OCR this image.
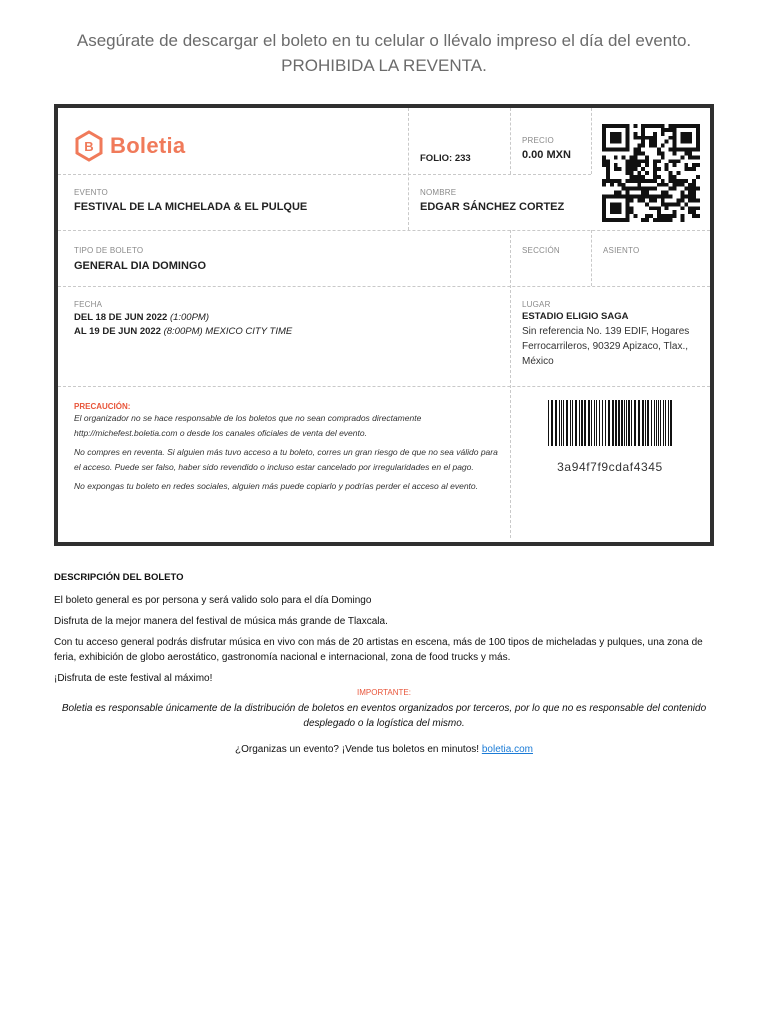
Asegúrate de descargar el boleto en tu celular o llévalo impreso el día del evento.
PROHIBIDA LA REVENTA.
B Boletia
FOLIO: 233
PRECIO
0.00 MXN
EVENTO
FESTIVAL DE LA MICHELADA & EL PULQUE
NOMBRE
EDGAR SÁNCHEZ CORTEZ
TIPO DE BOLETO
GENERAL DIA DOMINGO
SECCIÓN	ASIENTO
FECHA
DEL 18 DE JUN 2022 (1:00PM)
AL 19 DE JUN 2022 (8:00PM) MEXICO CITY TIME
LUGAR
ESTADIO ELIGIO SAGA
Sin referencia No. 139 EDIF, Hogares Ferrocarrileros, 90329 Apizaco, Tlax., México
PRECAUCIÓN:

El organizador no se hace responsable de los boletos que no sean comprados directamente http://michefest.boletia.com o desde los canales oficiales de venta del evento.

No compres en reventa. Si alguien más tuvo acceso a tu boleto, corres un gran riesgo de que no sea válido para el acceso. Puede ser falso, haber sido revendido o incluso estar cancelado por irregularidades en el pago.

No expongas tu boleto en redes sociales, alguien más puede copiarlo y podrías perder el acceso al evento.

3a94f7f9cdaf4345

DESCRIPCIÓN DEL BOLETO

El boleto general es por persona y será valido solo para el día Domingo

Disfruta de la mejor manera del festival de música más grande de Tlaxcala.

Con tu acceso general podrás disfrutar música en vivo con más de 20 artistas en escena, más de 100 tipos de micheladas y pulques, una zona de feria, exhibición de globo aerostático, gastronomía nacional e internacional, zona de food trucks y más.

¡Disfruta de este festival al máximo!

IMPORTANTE:
Boletia es responsable únicamente de la distribución de boletos en eventos organizados por terceros, por lo que no es responsable del contenido desplegado o la logística del mismo.
¿Organizas un evento? ¡Vende tus boletos en minutos! boletia.com
